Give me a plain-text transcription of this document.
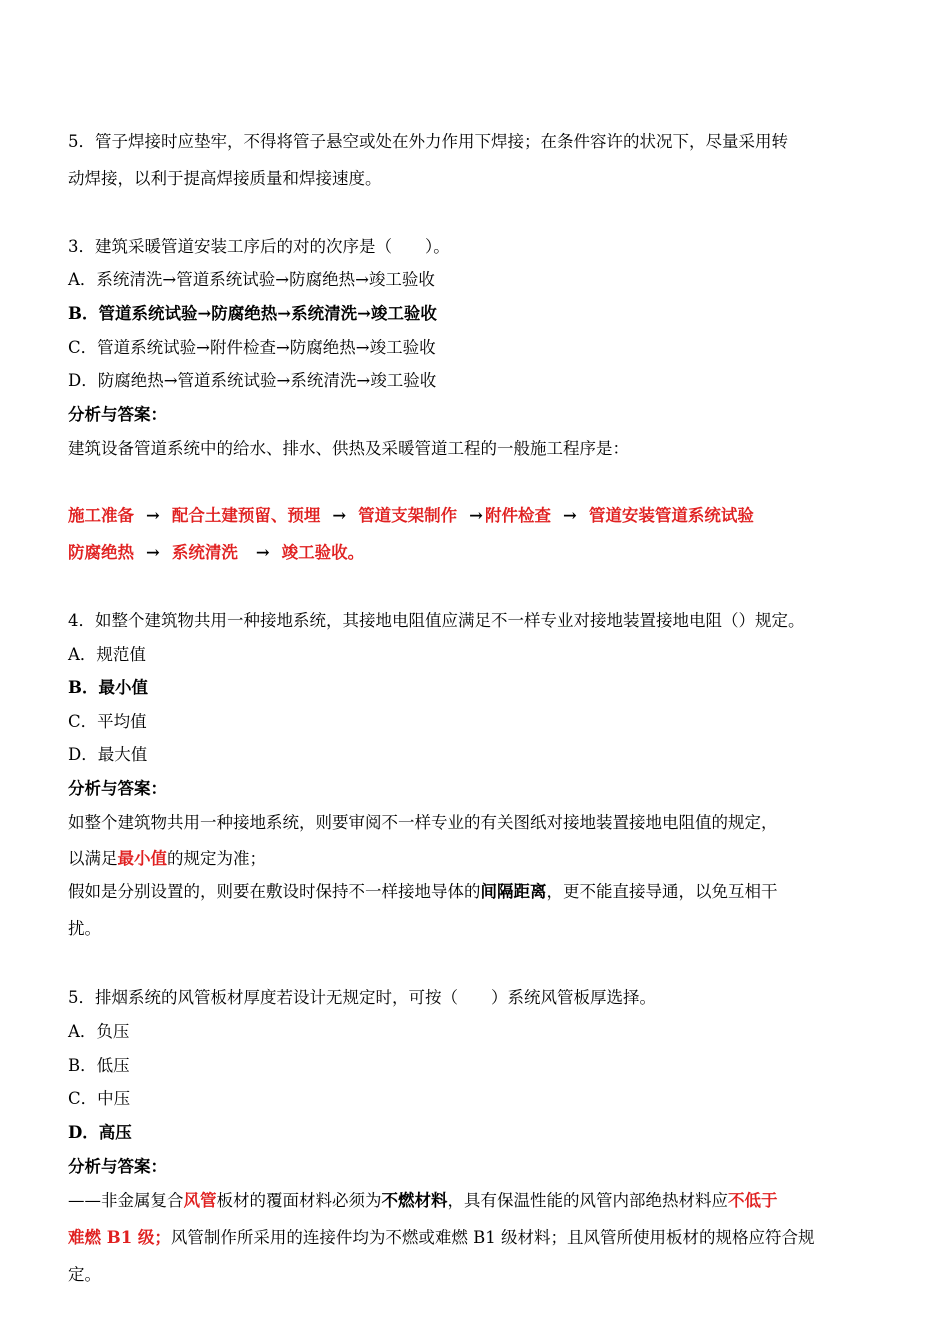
5．管子焊接时应垫牢，不得将管子悬空或处在外力作用下焊接；在条件容许的状况下，尽量采用转
动焊接，以利于提高焊接质量和焊接速度。
3．建筑采暖管道安装工序后的对的次序是（　　）。
A．系统清洗→管道系统试验→防腐绝热→竣工验收
B．管道系统试验→防腐绝热→系统清洗→竣工验收
C．管道系统试验→附件检查→防腐绝热→竣工验收
D．防腐绝热→管道系统试验→系统清洗→竣工验收
分析与答案：
建筑设备管道系统中的给水、排水、供热及采暖管道工程的一般施工程序是：
施工准备 → 配合土建预留、预埋 → 管道支架制作 → 附件检查 → 管道安装管道系统试验
防腐绝热 → 系统清洗 → 竣工验收。
4．如整个建筑物共用一种接地系统，其接地电阻值应满足不一样专业对接地装置接地电阻（）规定。
A．规范值
B．最小值
C．平均值
D．最大值
分析与答案：
如整个建筑物共用一种接地系统，则要审阅不一样专业的有关图纸对接地装置接地电阻值的规定，
以满足最小值的规定为准；
假如是分别设置的，则要在敷设时保持不一样接地导体的间隔距离，更不能直接导通，以免互相干
扰。
5．排烟系统的风管板材厚度若设计无规定时，可按（　　）系统风管板厚选择。
A．负压
B．低压
C．中压
D．高压
分析与答案：
——非金属复合风管板材的覆面材料必须为不燃材料，具有保温性能的风管内部绝热材料应不低于
难燃 B1 级；风管制作所采用的连接件均为不燃或难燃 B1 级材料；且风管所使用板材的规格应符合规
定。
